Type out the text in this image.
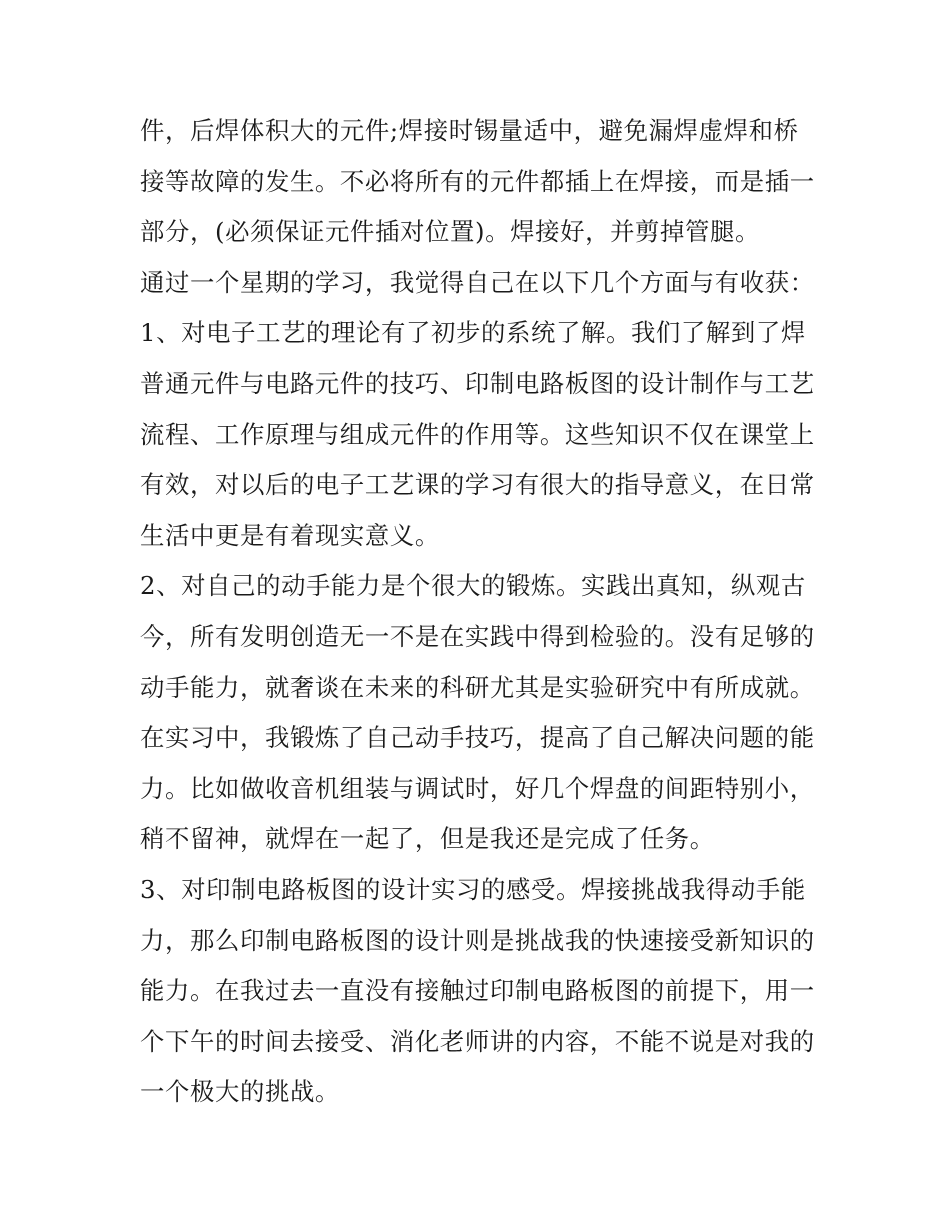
件，后焊体积大的元件;焊接时锡量适中，避免漏焊虚焊和桥
接等故障的发生。不必将所有的元件都插上在焊接，而是插一
部分，(必须保证元件插对位置)。焊接好，并剪掉管腿。
通过一个星期的学习，我觉得自己在以下几个方面与有收获：
1、对电子工艺的理论有了初步的系统了解。我们了解到了焊
普通元件与电路元件的技巧、印制电路板图的设计制作与工艺
流程、工作原理与组成元件的作用等。这些知识不仅在课堂上
有效，对以后的电子工艺课的学习有很大的指导意义，在日常
生活中更是有着现实意义。
2、对自己的动手能力是个很大的锻炼。实践出真知，纵观古
今，所有发明创造无一不是在实践中得到检验的。没有足够的
动手能力，就奢谈在未来的科研尤其是实验研究中有所成就。
在实习中，我锻炼了自己动手技巧，提高了自己解决问题的能
力。比如做收音机组装与调试时，好几个焊盘的间距特别小，
稍不留神，就焊在一起了，但是我还是完成了任务。
3、对印制电路板图的设计实习的感受。焊接挑战我得动手能
力，那么印制电路板图的设计则是挑战我的快速接受新知识的
能力。在我过去一直没有接触过印制电路板图的前提下，用一
个下午的时间去接受、消化老师讲的内容，不能不说是对我的
一个极大的挑战。
